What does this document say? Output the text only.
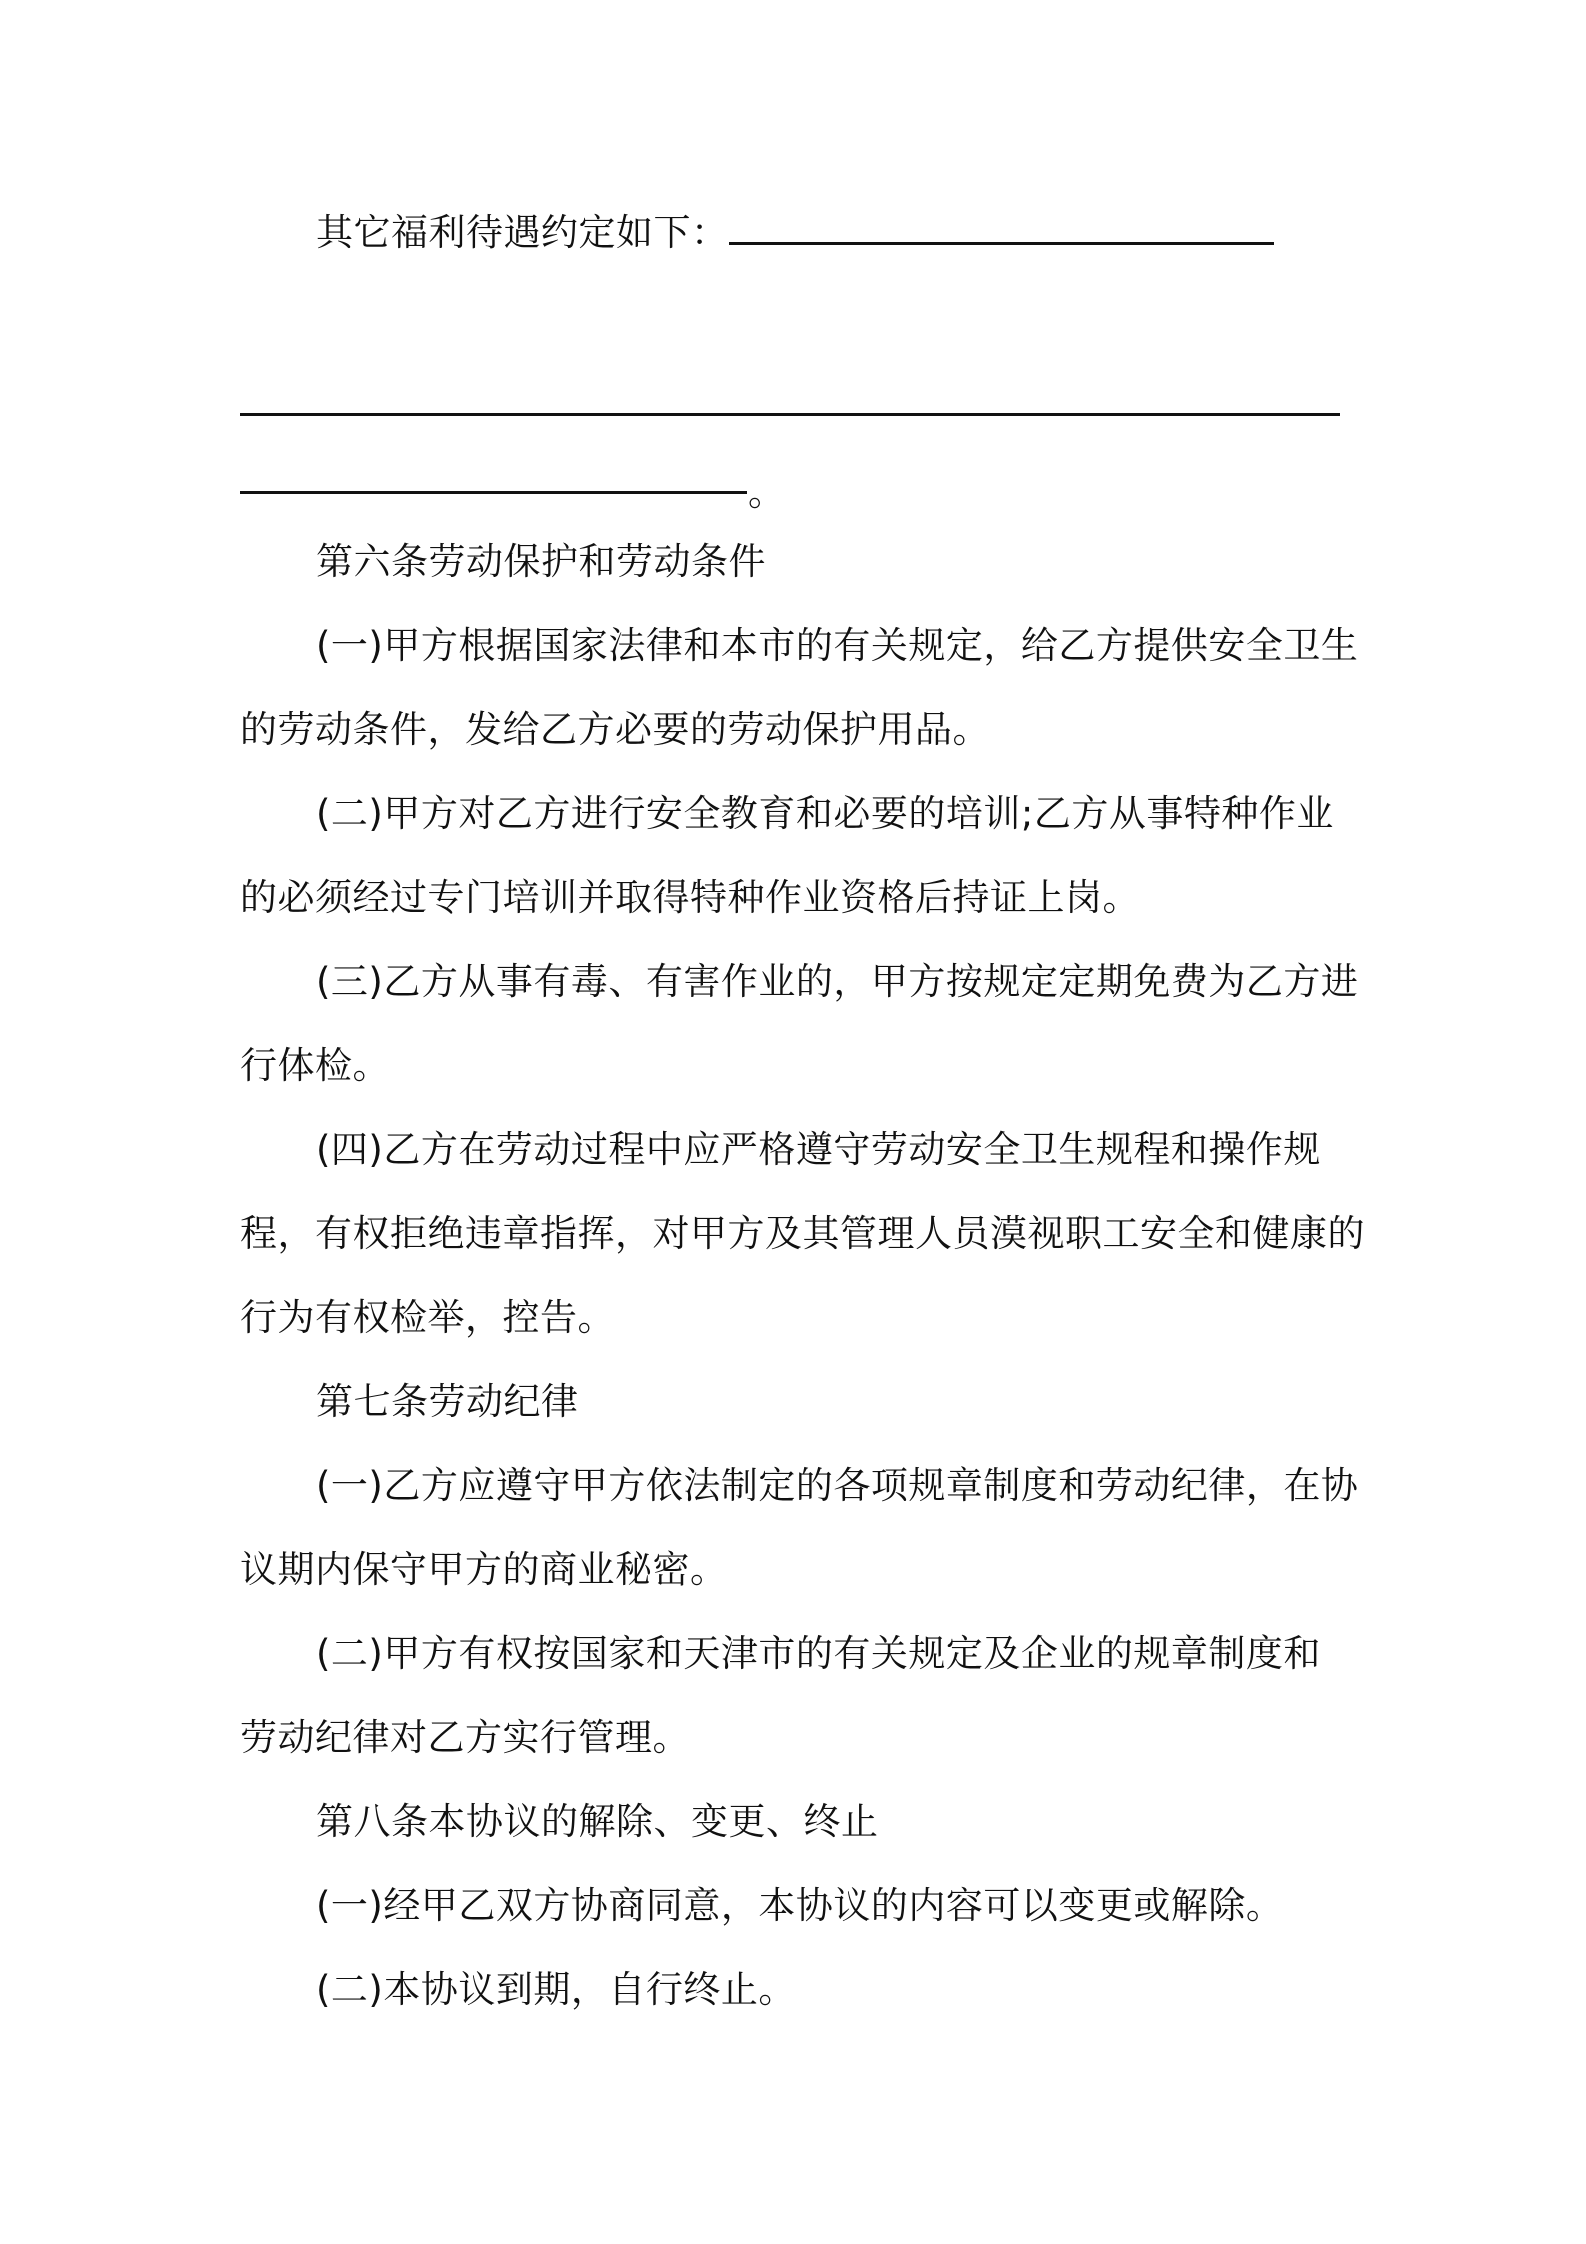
其它福利待遇约定如下：
。
第六条劳动保护和劳动条件
(一)甲方根据国家法律和本市的有关规定，给乙方提供安全卫生
的劳动条件，发给乙方必要的劳动保护用品。
(二)甲方对乙方进行安全教育和必要的培训;乙方从事特种作业
的必须经过专门培训并取得特种作业资格后持证上岗。
(三)乙方从事有毒、有害作业的，甲方按规定定期免费为乙方进
行体检。
(四)乙方在劳动过程中应严格遵守劳动安全卫生规程和操作规
程，有权拒绝违章指挥，对甲方及其管理人员漠视职工安全和健康的
行为有权检举，控告。
第七条劳动纪律
(一)乙方应遵守甲方依法制定的各项规章制度和劳动纪律，在协
议期内保守甲方的商业秘密。
(二)甲方有权按国家和天津市的有关规定及企业的规章制度和
劳动纪律对乙方实行管理。
第八条本协议的解除、变更、终止
(一)经甲乙双方协商同意，本协议的内容可以变更或解除。
(二)本协议到期，自行终止。
